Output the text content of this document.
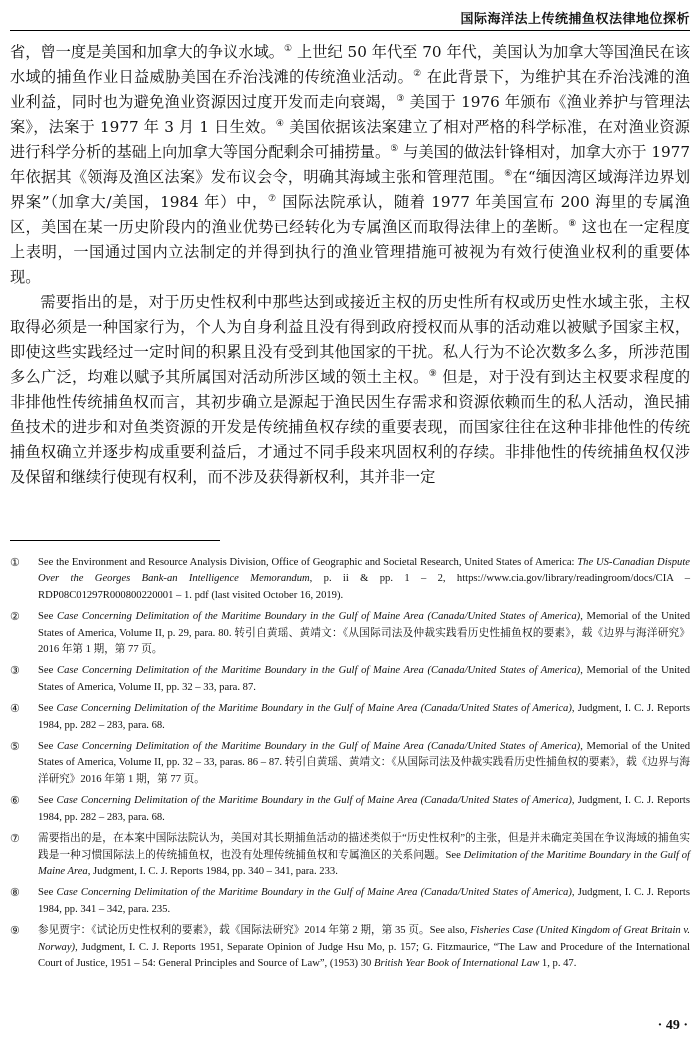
国际海洋法上传统捕鱼权法律地位探析

省，曾一度是美国和加拿大的争议水域。① 上世纪 50 年代至 70 年代，美国认为加拿大等国渔民在该水域的捕鱼作业日益威胁美国在乔治浅滩的传统渔业活动。② 在此背景下，为维护其在乔治浅滩的渔业利益，同时也为避免渔业资源因过度开发而走向衰竭，③ 美国于 1976 年颁布《渔业养护与管理法案》，法案于 1977 年 3 月 1 日生效。④ 美国依据该法案建立了相对严格的科学标准，在对渔业资源进行科学分析的基础上向加拿大等国分配剩余可捕捞量。⑤ 与美国的做法针锋相对，加拿大亦于 1977 年依据其《领海及渔区法案》发布议会令，明确其海域主张和管理范围。⑥在“缅因湾区域海洋边界划界案”（加拿大/美国，1984 年）中，⑦ 国际法院承认，随着 1977 年美国宣布 200 海里的专属渔区，美国在某一历史阶段内的渔业优势已经转化为专属渔区而取得法律上的垄断。⑧ 这也在一定程度上表明，一国通过国内立法制定的并得到执行的渔业管理措施可被视为有效行使渔业权利的重要体现。

需要指出的是，对于历史性权利中那些达到或接近主权的历史性所有权或历史性水域主张，主权取得必须是一种国家行为，个人为自身利益且没有得到政府授权而从事的活动难以被赋予国家主权，即使这些实践经过一定时间的积累且没有受到其他国家的干扰。私人行为不论次数多么多，所涉范围多么广泛，均难以赋予其所属国对活动所涉区域的领土主权。⑨ 但是，对于没有到达主权要求程度的非排他性传统捕鱼权而言，其初步确立是源起于渔民因生存需求和资源依赖而生的私人活动，渔民捕鱼技术的进步和对鱼类资源的开发是传统捕鱼权存续的重要表现，而国家往往在这种非排他性的传统捕鱼权确立并逐步构成重要利益后，才通过不同手段来巩固权利的存续。非排他性的传统捕鱼权仅涉及保留和继续行使现有权利，而不涉及获得新权利，其并非一定

①	See the Environment and Resource Analysis Division, Office of Geographic and Societal Research, United States of America: The US-Canadian Dispute Over the Georges Bank-an Intelligence Memorandum, p. ii & pp. 1 – 2, https://www.cia.gov/library/readingroom/docs/CIA – RDP08C01297R000800220001 – 1. pdf (last visited October 16, 2019).
②	See Case Concerning Delimitation of the Maritime Boundary in the Gulf of Maine Area (Canada/United States of America), Memorial of the United States of America, Volume II, p. 29, para. 80. 转引自黄瑶、黄靖文：《从国际司法及仲裁实践看历史性捕鱼权的要素》，载《边界与海洋研究》2016 年第 1 期，第 77 页。
③	See Case Concerning Delimitation of the Maritime Boundary in the Gulf of Maine Area (Canada/United States of America), Memorial of the United States of America, Volume II, pp. 32 – 33, para. 87.
④	See Case Concerning Delimitation of the Maritime Boundary in the Gulf of Maine Area (Canada/United States of America), Judgment, I. C. J. Reports 1984, pp. 282 – 283, para. 68.
⑤	See Case Concerning Delimitation of the Maritime Boundary in the Gulf of Maine Area (Canada/United States of America), Memorial of the United States of America, Volume II, pp. 32 – 33, paras. 86 – 87. 转引自黄瑶、黄靖文：《从国际司法及仲裁实践看历史性捕鱼权的要素》，载《边界与海洋研究》2016 年第 1 期，第 77 页。
⑥	See Case Concerning Delimitation of the Maritime Boundary in the Gulf of Maine Area (Canada/United States of America), Judgment, I. C. J. Reports 1984, pp. 282 – 283, para. 68.
⑦	需要指出的是，在本案中国际法院认为，美国对其长期捕鱼活动的描述类似于“历史性权利”的主张，但是并未确定美国在争议海域的捕鱼实践是一种习惯国际法上的传统捕鱼权，也没有处理传统捕鱼权和专属渔区的关系问题。See Delimitation of the Maritime Boundary in the Gulf of Maine Area, Judgment, I. C. J. Reports 1984, pp. 340 – 341, para. 233.
⑧	See Case Concerning Delimitation of the Maritime Boundary in the Gulf of Maine Area (Canada/United States of America), Judgment, I. C. J. Reports 1984, pp. 341 – 342, para. 235.
⑨	参见贾宇：《试论历史性权利的要素》，载《国际法研究》2014 年第 2 期，第 35 页。See also, Fisheries Case (United Kingdom of Great Britain v. Norway), Judgment, I. C. J. Reports 1951, Separate Opinion of Judge Hsu Mo, p. 157; G. Fitzmaurice, “The Law and Procedure of the International Court of Justice, 1951 – 54: General Principles and Source of Law”, (1953) 30 British Year Book of International Law 1, p. 47.
· 49 ·
